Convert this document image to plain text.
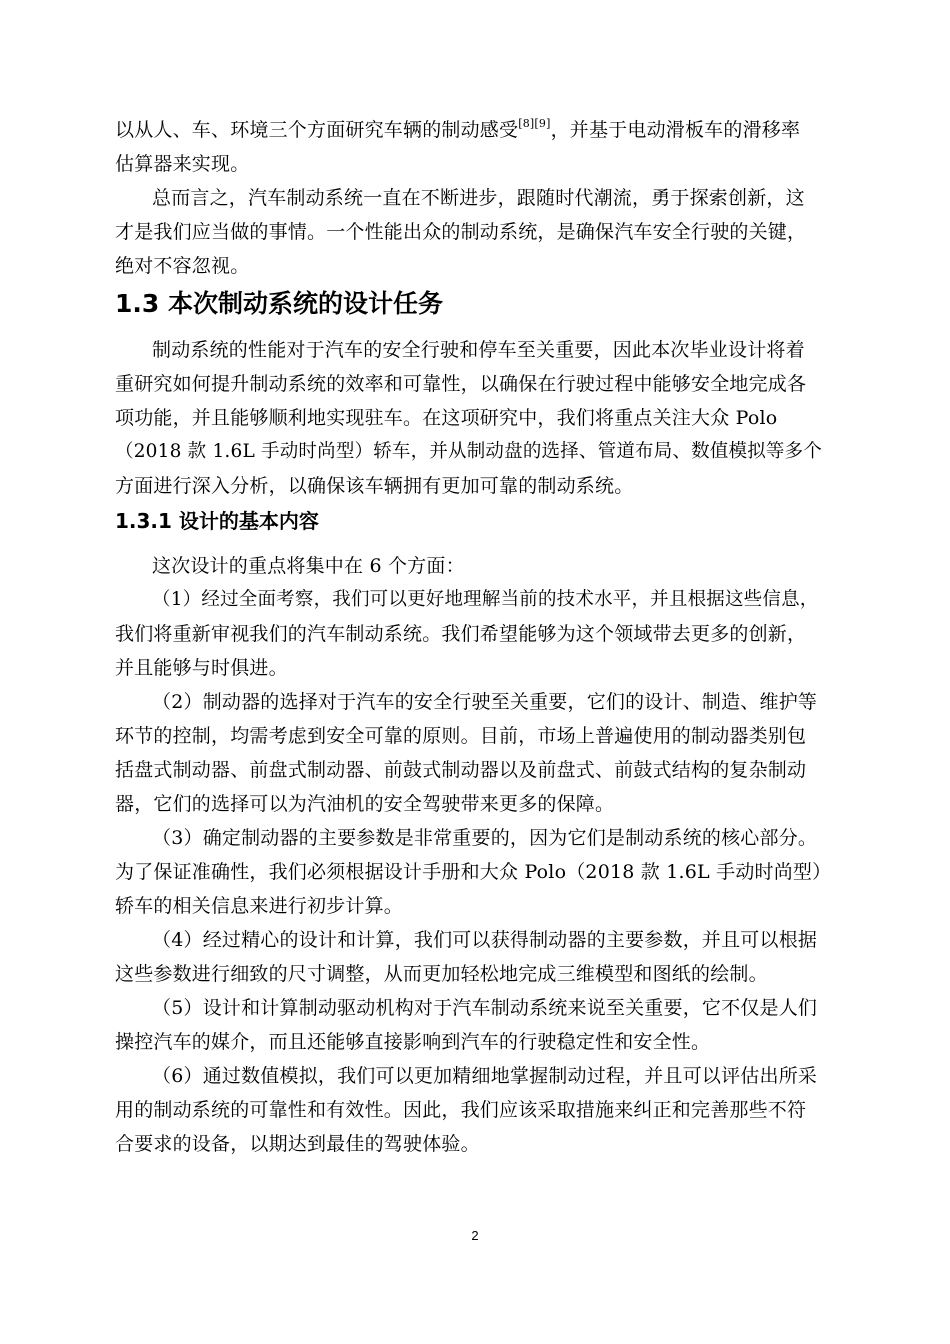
以从人、车、环境三个方面研究车辆的制动感受[8][9]，并基于电动滑板车的滑移率
估算器来实现。
总而言之，汽车制动系统一直在不断进步，跟随时代潮流，勇于探索创新，这
才是我们应当做的事情。一个性能出众的制动系统，是确保汽车安全行驶的关键，
绝对不容忽视。
1.3 本次制动系统的设计任务
制动系统的性能对于汽车的安全行驶和停车至关重要，因此本次毕业设计将着
重研究如何提升制动系统的效率和可靠性，以确保在行驶过程中能够安全地完成各
项功能，并且能够顺利地实现驻车。在这项研究中，我们将重点关注大众 Polo
（2018 款 1.6L 手动时尚型）轿车，并从制动盘的选择、管道布局、数值模拟等多个
方面进行深入分析，以确保该车辆拥有更加可靠的制动系统。
1.3.1 设计的基本内容
这次设计的重点将集中在 6 个方面：
（1）经过全面考察，我们可以更好地理解当前的技术水平，并且根据这些信息，
我们将重新审视我们的汽车制动系统。我们希望能够为这个领域带去更多的创新，
并且能够与时俱进。
（2）制动器的选择对于汽车的安全行驶至关重要，它们的设计、制造、维护等
环节的控制，均需考虑到安全可靠的原则。目前，市场上普遍使用的制动器类别包
括盘式制动器、前盘式制动器、前鼓式制动器以及前盘式、前鼓式结构的复杂制动
器，它们的选择可以为汽油机的安全驾驶带来更多的保障。
（3）确定制动器的主要参数是非常重要的，因为它们是制动系统的核心部分。
为了保证准确性，我们必须根据设计手册和大众 Polo（2018 款 1.6L 手动时尚型）
轿车的相关信息来进行初步计算。
（4）经过精心的设计和计算，我们可以获得制动器的主要参数，并且可以根据
这些参数进行细致的尺寸调整，从而更加轻松地完成三维模型和图纸的绘制。
（5）设计和计算制动驱动机构对于汽车制动系统来说至关重要，它不仅是人们
操控汽车的媒介，而且还能够直接影响到汽车的行驶稳定性和安全性。
（6）通过数值模拟，我们可以更加精细地掌握制动过程，并且可以评估出所采
用的制动系统的可靠性和有效性。因此，我们应该采取措施来纠正和完善那些不符
合要求的设备，以期达到最佳的驾驶体验。
2
